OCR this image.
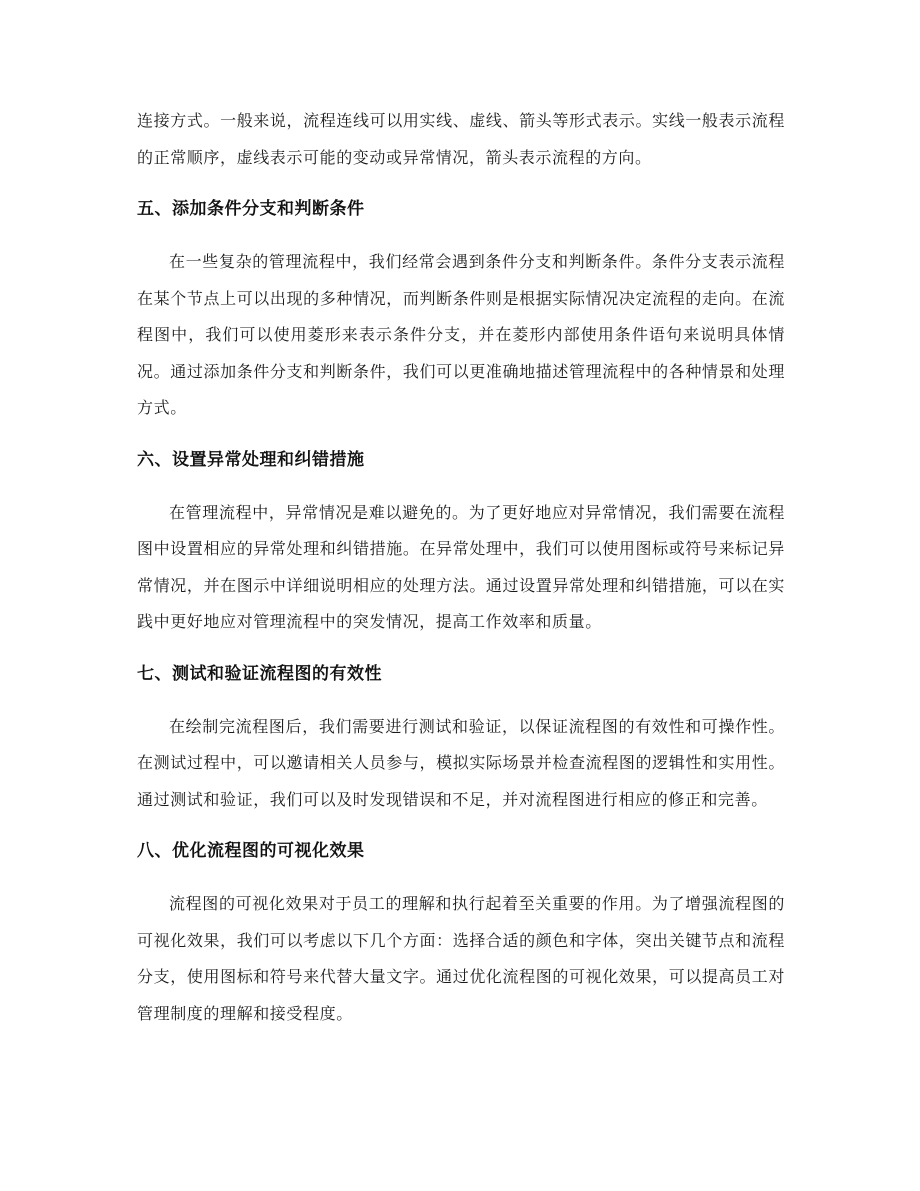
连接方式。一般来说，流程连线可以用实线、虚线、箭头等形式表示。实线一般表示流程的正常顺序，虚线表示可能的变动或异常情况，箭头表示流程的方向。

五、添加条件分支和判断条件

在一些复杂的管理流程中，我们经常会遇到条件分支和判断条件。条件分支表示流程在某个节点上可以出现的多种情况，而判断条件则是根据实际情况决定流程的走向。在流程图中，我们可以使用菱形来表示条件分支，并在菱形内部使用条件语句来说明具体情况。通过添加条件分支和判断条件，我们可以更准确地描述管理流程中的各种情景和处理方式。

六、设置异常处理和纠错措施

在管理流程中，异常情况是难以避免的。为了更好地应对异常情况，我们需要在流程图中设置相应的异常处理和纠错措施。在异常处理中，我们可以使用图标或符号来标记异常情况，并在图示中详细说明相应的处理方法。通过设置异常处理和纠错措施，可以在实践中更好地应对管理流程中的突发情况，提高工作效率和质量。

七、测试和验证流程图的有效性

在绘制完流程图后，我们需要进行测试和验证，以保证流程图的有效性和可操作性。在测试过程中，可以邀请相关人员参与，模拟实际场景并检查流程图的逻辑性和实用性。通过测试和验证，我们可以及时发现错误和不足，并对流程图进行相应的修正和完善。

八、优化流程图的可视化效果

流程图的可视化效果对于员工的理解和执行起着至关重要的作用。为了增强流程图的可视化效果，我们可以考虑以下几个方面：选择合适的颜色和字体，突出关键节点和流程分支，使用图标和符号来代替大量文字。通过优化流程图的可视化效果，可以提高员工对管理制度的理解和接受程度。
